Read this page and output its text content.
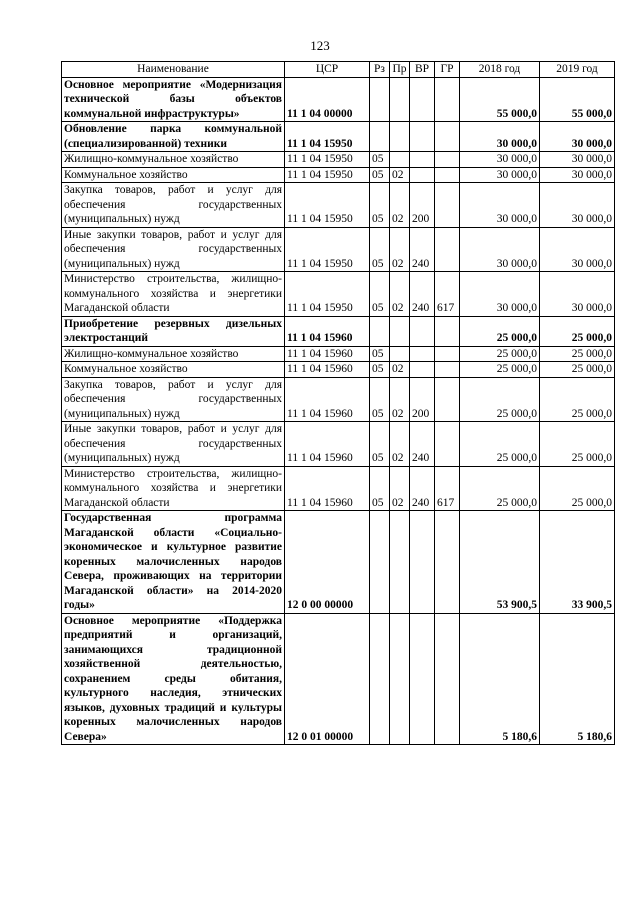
123
Наименование	ЦСР	Рз	Пр	ВР	ГР	2018 год	2019 год
Основное мероприятие «Модернизация технической базы объектов коммунальной инфраструктуры»	11 1 04 00000					55 000,0	55 000,0
Обновление парка коммунальной (специализированной) техники	11 1 04 15950					30 000,0	30 000,0
Жилищно-коммунальное хозяйство	11 1 04 15950	05				30 000,0	30 000,0
Коммунальное хозяйство	11 1 04 15950	05	02			30 000,0	30 000,0
Закупка товаров, работ и услуг для обеспечения государственных (муниципальных) нужд	11 1 04 15950	05	02	200		30 000,0	30 000,0
Иные закупки товаров, работ и услуг для обеспечения государственных (муниципальных) нужд	11 1 04 15950	05	02	240		30 000,0	30 000,0
Министерство строительства, жилищно-коммунального хозяйства и энергетики Магаданской области	11 1 04 15950	05	02	240	617	30 000,0	30 000,0
Приобретение резервных дизельных электростанций	11 1 04 15960					25 000,0	25 000,0
Жилищно-коммунальное хозяйство	11 1 04 15960	05				25 000,0	25 000,0
Коммунальное хозяйство	11 1 04 15960	05	02			25 000,0	25 000,0
Закупка товаров, работ и услуг для обеспечения государственных (муниципальных) нужд	11 1 04 15960	05	02	200		25 000,0	25 000,0
Иные закупки товаров, работ и услуг для обеспечения государственных (муниципальных) нужд	11 1 04 15960	05	02	240		25 000,0	25 000,0
Министерство строительства, жилищно-коммунального хозяйства и энергетики Магаданской области	11 1 04 15960	05	02	240	617	25 000,0	25 000,0
Государственная программа Магаданской области «Социально-экономическое и культурное развитие коренных малочисленных народов Севера, проживающих на территории Магаданской области» на 2014-2020 годы»	12 0 00 00000					53 900,5	33 900,5
Основное мероприятие «Поддержка предприятий и организаций, занимающихся традиционной хозяйственной деятельностью, сохранением среды обитания, культурного наследия, этнических языков, духовных традиций и культуры коренных малочисленных народов Севера»	12 0 01 00000					5 180,6	5 180,6
